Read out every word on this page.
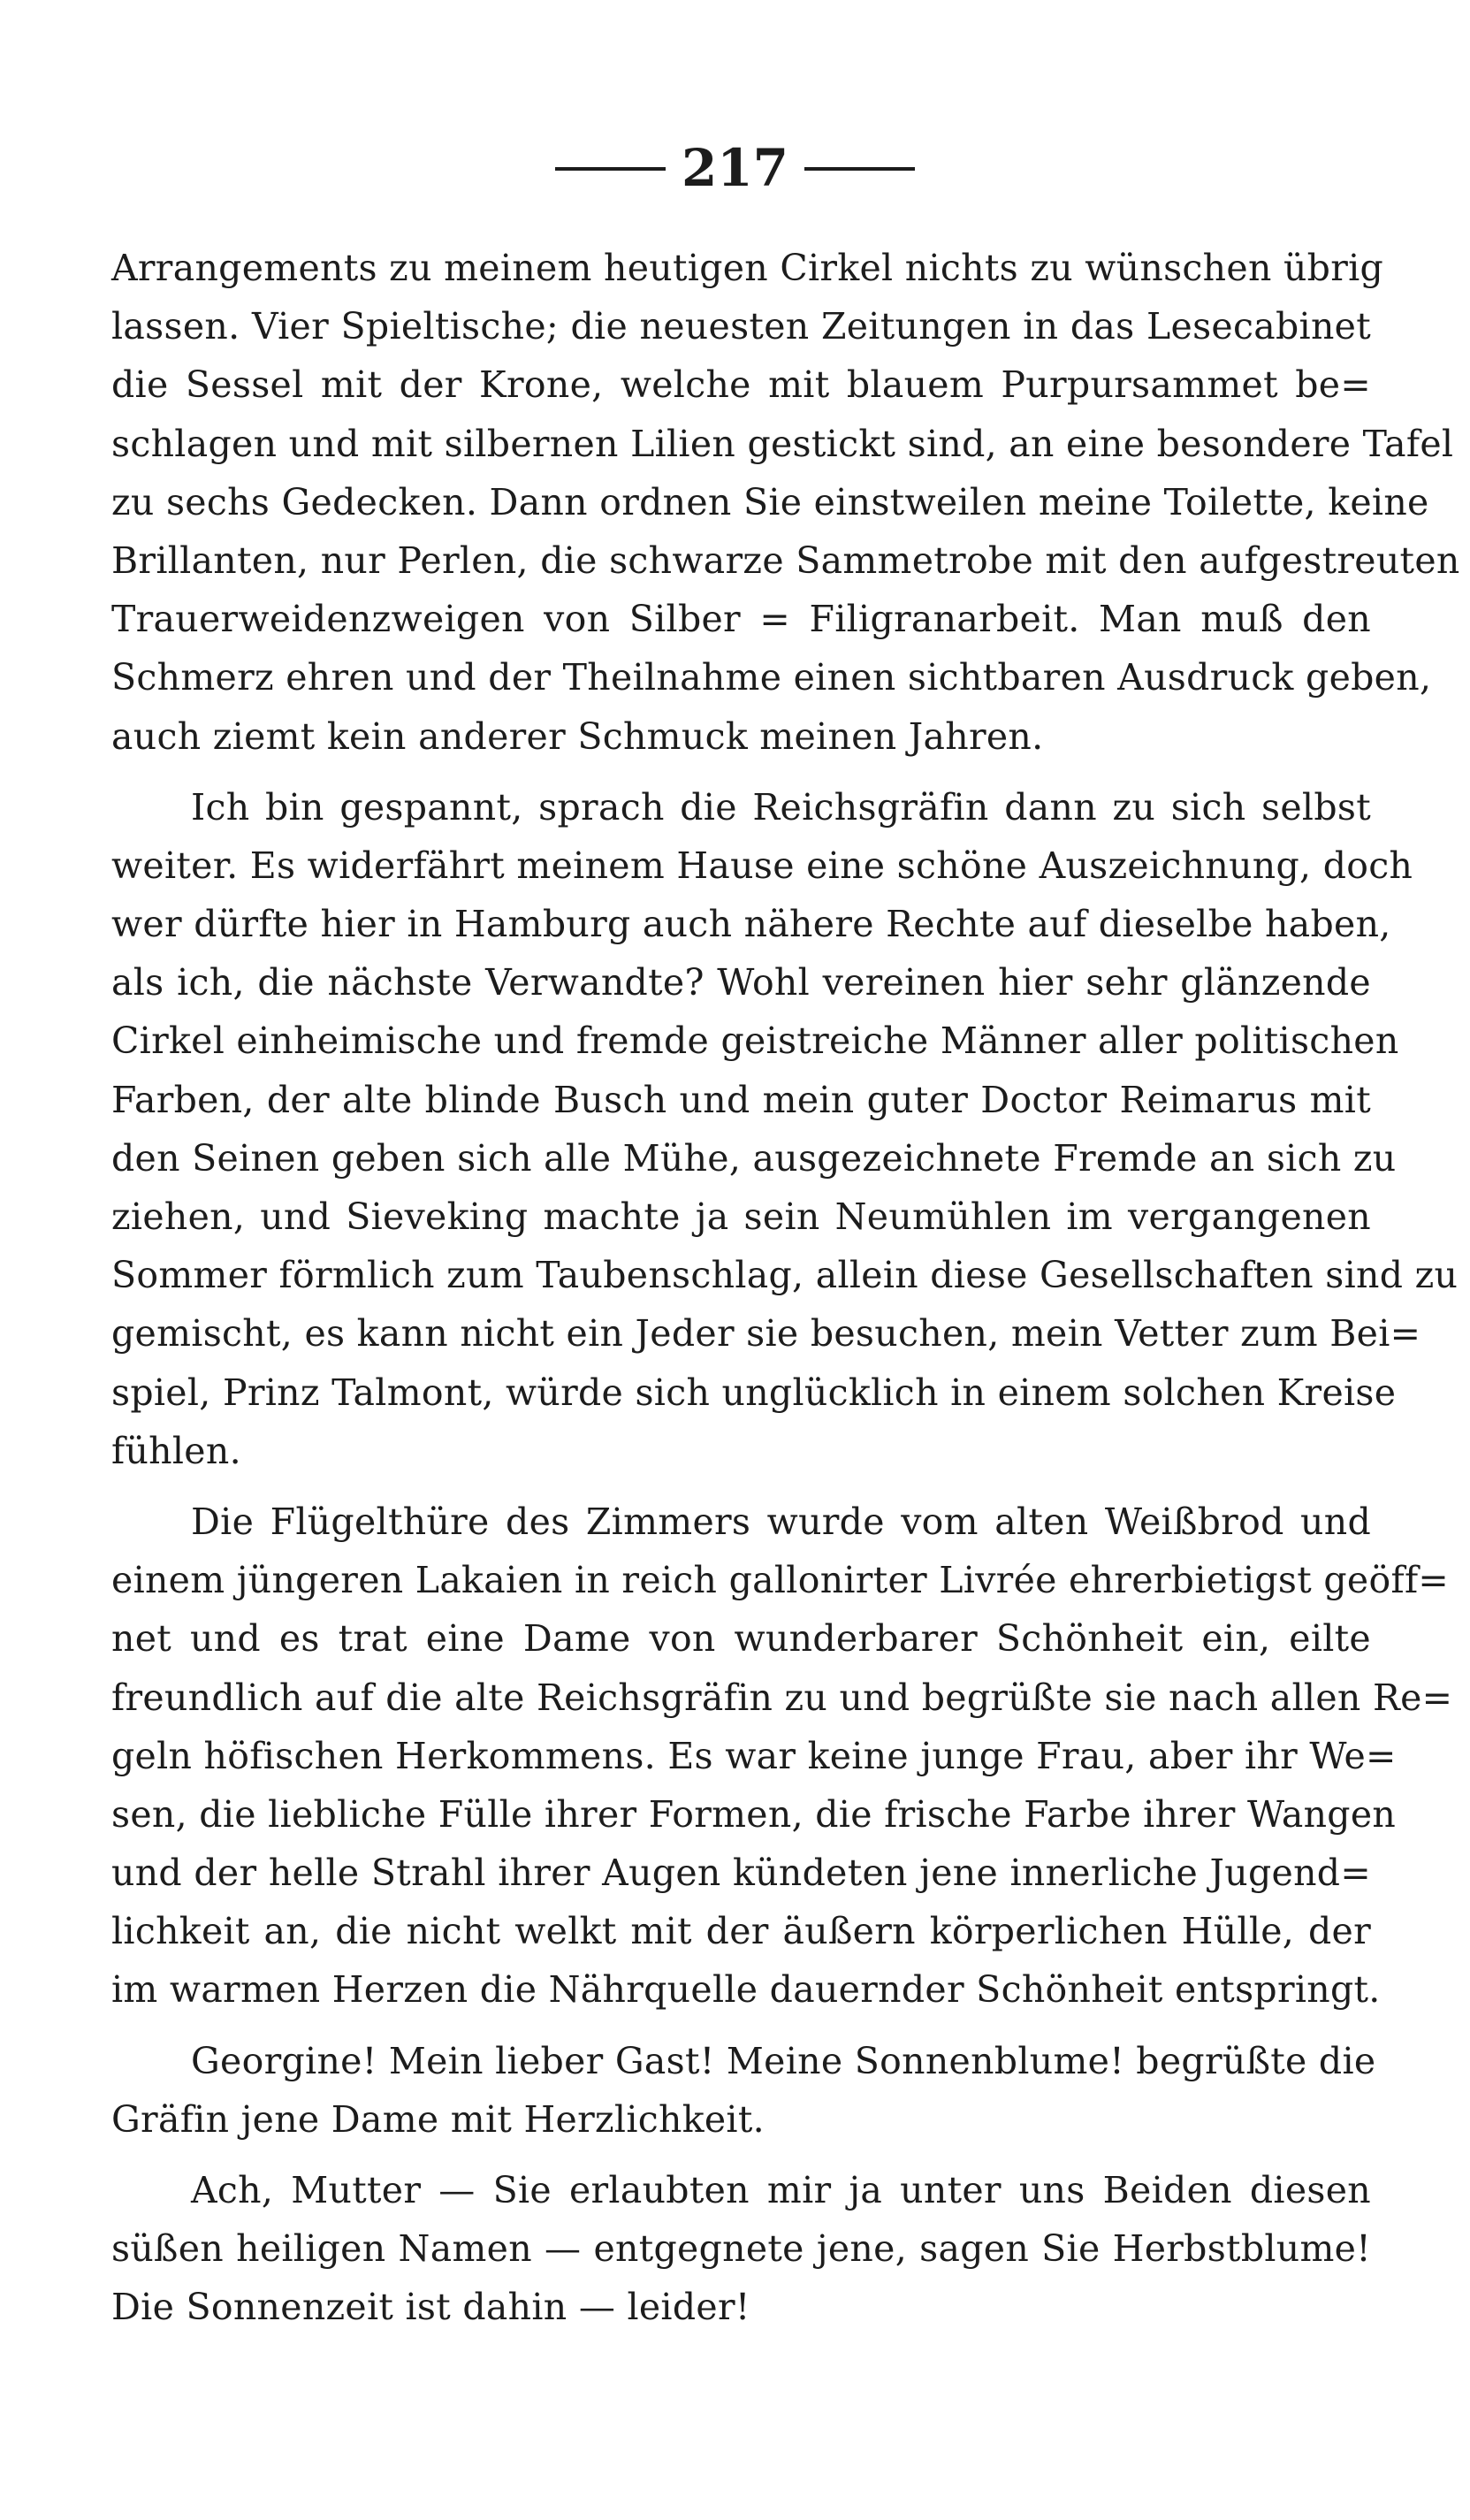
217
Arrangements zu meinem heutigen Cirkel nichts zu wünschen übrig
lassen. Vier Spieltische; die neuesten Zeitungen in das Lesecabinet
die Sessel mit der Krone, welche mit blauem Purpursammet be=
schlagen und mit silbernen Lilien gestickt sind, an eine besondere Tafel
zu sechs Gedecken. Dann ordnen Sie einstweilen meine Toilette, keine
Brillanten, nur Perlen, die schwarze Sammetrobe mit den aufgestreuten
Trauerweidenzweigen von Silber = Filigranarbeit. Man muß den
Schmerz ehren und der Theilnahme einen sichtbaren Ausdruck geben,
auch ziemt kein anderer Schmuck meinen Jahren.
Ich bin gespannt, sprach die Reichsgräfin dann zu sich selbst
weiter. Es widerfährt meinem Hause eine schöne Auszeichnung, doch
wer dürfte hier in Hamburg auch nähere Rechte auf dieselbe haben,
als ich, die nächste Verwandte? Wohl vereinen hier sehr glänzende
Cirkel einheimische und fremde geistreiche Männer aller politischen
Farben, der alte blinde Busch und mein guter Doctor Reimarus mit
den Seinen geben sich alle Mühe, ausgezeichnete Fremde an sich zu
ziehen, und Sieveking machte ja sein Neumühlen im vergangenen
Sommer förmlich zum Taubenschlag, allein diese Gesellschaften sind zu
gemischt, es kann nicht ein Jeder sie besuchen, mein Vetter zum Bei=
spiel, Prinz Talmont, würde sich unglücklich in einem solchen Kreise
fühlen.
Die Flügelthüre des Zimmers wurde vom alten Weißbrod und
einem jüngeren Lakaien in reich gallonirter Livrée ehrerbietigst geöff=
net und es trat eine Dame von wunderbarer Schönheit ein, eilte
freundlich auf die alte Reichsgräfin zu und begrüßte sie nach allen Re=
geln höfischen Herkommens. Es war keine junge Frau, aber ihr We=
sen, die liebliche Fülle ihrer Formen, die frische Farbe ihrer Wangen
und der helle Strahl ihrer Augen kündeten jene innerliche Jugend=
lichkeit an, die nicht welkt mit der äußern körperlichen Hülle, der
im warmen Herzen die Nährquelle dauernder Schönheit entspringt.
Georgine! Mein lieber Gast! Meine Sonnenblume! begrüßte die
Gräfin jene Dame mit Herzlichkeit.
Ach, Mutter — Sie erlaubten mir ja unter uns Beiden diesen
süßen heiligen Namen — entgegnete jene, sagen Sie Herbstblume!
Die Sonnenzeit ist dahin — leider!
